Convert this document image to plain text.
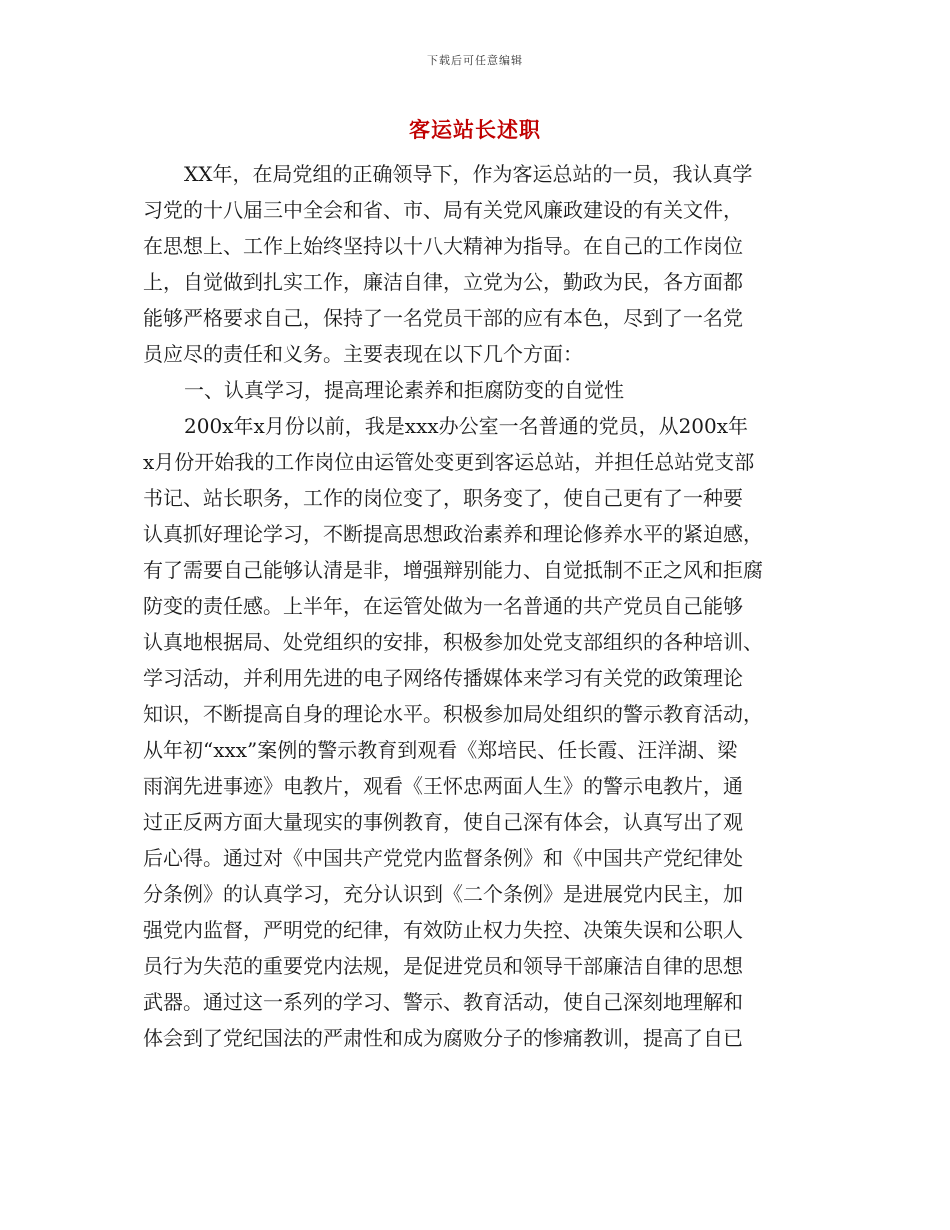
下载后可任意编辑
客运站长述职
XX年，在局党组的正确领导下，作为客运总站的一员，我认真学
习党的十八届三中全会和省、市、局有关党风廉政建设的有关文件，
在思想上、工作上始终坚持以十八大精神为指导。在自己的工作岗位
上，自觉做到扎实工作，廉洁自律，立党为公，勤政为民，各方面都
能够严格要求自己，保持了一名党员干部的应有本色，尽到了一名党
员应尽的责任和义务。主要表现在以下几个方面：
一、认真学习，提高理论素养和拒腐防变的自觉性
200x年x月份以前，我是xxx办公室一名普通的党员，从200x年
x月份开始我的工作岗位由运管处变更到客运总站，并担任总站党支部
书记、站长职务，工作的岗位变了，职务变了，使自己更有了一种要
认真抓好理论学习，不断提高思想政治素养和理论修养水平的紧迫感，
有了需要自己能够认清是非，增强辩别能力、自觉抵制不正之风和拒腐
防变的责任感。上半年，在运管处做为一名普通的共产党员自己能够
认真地根据局、处党组织的安排，积极参加处党支部组织的各种培训、
学习活动，并利用先进的电子网络传播媒体来学习有关党的政策理论
知识，不断提高自身的理论水平。积极参加局处组织的警示教育活动，
从年初“xxx”案例的警示教育到观看《郑培民、任长霞、汪洋湖、梁
雨润先进事迹》电教片，观看《王怀忠两面人生》的警示电教片，通
过正反两方面大量现实的事例教育，使自己深有体会，认真写出了观
后心得。通过对《中国共产党党内监督条例》和《中国共产党纪律处
分条例》的认真学习，充分认识到《二个条例》是进展党内民主，加
强党内监督，严明党的纪律，有效防止权力失控、决策失误和公职人
员行为失范的重要党内法规，是促进党员和领导干部廉洁自律的思想
武器。通过这一系列的学习、警示、教育活动，使自己深刻地理解和
体会到了党纪国法的严肃性和成为腐败分子的惨痛教训，提高了自已
